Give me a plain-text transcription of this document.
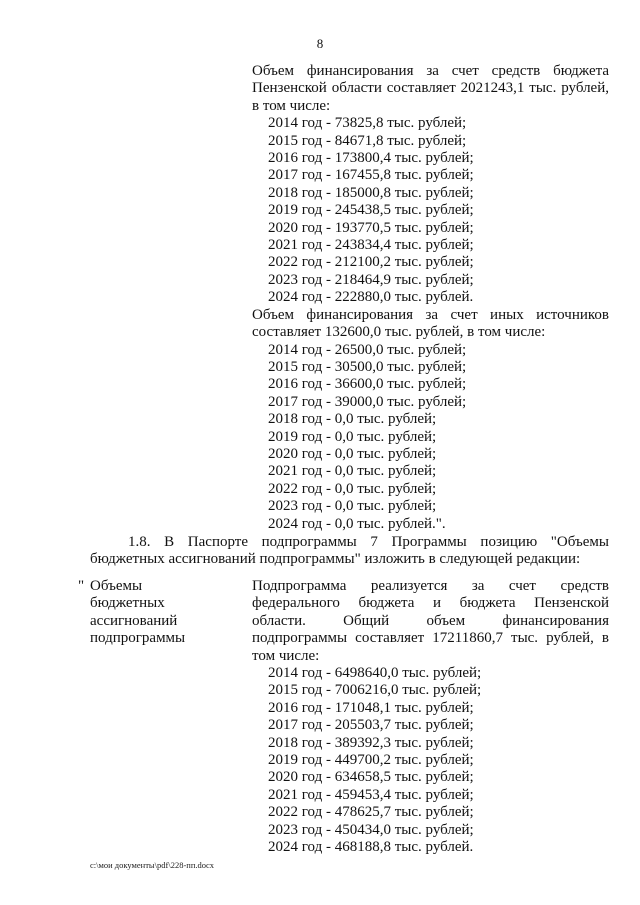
8
Объем финансирования за счет средств бюджета
Пензенской области составляет 2021243,1 тыс. рублей,
в том числе:
2014 год - 73825,8 тыс. рублей;
2015 год - 84671,8 тыс. рублей;
2016 год - 173800,4 тыс. рублей;
2017 год - 167455,8 тыс. рублей;
2018 год - 185000,8 тыс. рублей;
2019 год - 245438,5 тыс. рублей;
2020 год - 193770,5 тыс. рублей;
2021 год - 243834,4 тыс. рублей;
2022 год - 212100,2 тыс. рублей;
2023 год - 218464,9 тыс. рублей;
2024 год - 222880,0 тыс. рублей.
Объем финансирования за счет иных источников
составляет 132600,0 тыс. рублей, в том числе:
2014 год - 26500,0 тыс. рублей;
2015 год - 30500,0 тыс. рублей;
2016 год - 36600,0 тыс. рублей;
2017 год - 39000,0 тыс. рублей;
2018 год - 0,0 тыс. рублей;
2019 год - 0,0 тыс. рублей;
2020 год - 0,0 тыс. рублей;
2021 год - 0,0 тыс. рублей;
2022 год - 0,0 тыс. рублей;
2023 год - 0,0 тыс. рублей;
2024 год - 0,0 тыс. рублей.".
1.8. В Паспорте подпрограммы 7 Программы позицию "Объемы
бюджетных ассигнований подпрограммы" изложить в следующей редакции:
" Объемы
бюджетных
ассигнований
подпрограммы
Подпрограмма реализуется за счет средств
федерального бюджета и бюджета Пензенской
области. Общий объем финансирования
подпрограммы составляет 17211860,7 тыс. рублей, в
том числе:
2014 год - 6498640,0 тыс. рублей;
2015 год - 7006216,0 тыс. рублей;
2016 год - 171048,1 тыс. рублей;
2017 год - 205503,7 тыс. рублей;
2018 год - 389392,3 тыс. рублей;
2019 год - 449700,2 тыс. рублей;
2020 год - 634658,5 тыс. рублей;
2021 год - 459453,4 тыс. рублей;
2022 год - 478625,7 тыс. рублей;
2023 год - 450434,0 тыс. рублей;
2024 год - 468188,8 тыс. рублей.
c:\мои документы\pdf\228-пп.docx
